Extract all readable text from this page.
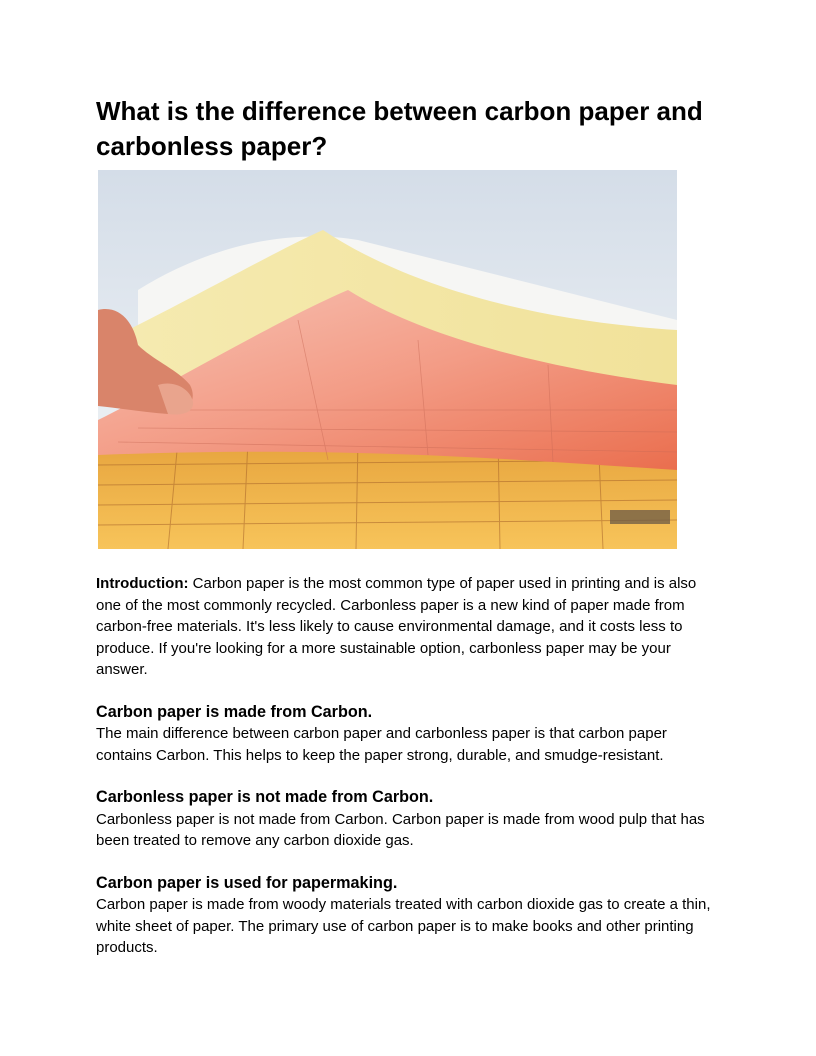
What is the difference between carbon paper and carbonless paper?

Introduction: Carbon paper is the most common type of paper used in printing and is also one of the most commonly recycled. Carbonless paper is a new kind of paper made from carbon-free materials. It's less likely to cause environmental damage, and it costs less to produce. If you're looking for a more sustainable option, carbonless paper may be your answer.

Carbon paper is made from Carbon.

The main difference between carbon paper and carbonless paper is that carbon paper contains Carbon. This helps to keep the paper strong, durable, and smudge-resistant.

Carbonless paper is not made from Carbon.

Carbonless paper is not made from Carbon. Carbon paper is made from wood pulp that has been treated to remove any carbon dioxide gas.

Carbon paper is used for papermaking.

Carbon paper is made from woody materials treated with carbon dioxide gas to create a thin, white sheet of paper. The primary use of carbon paper is to make books and other printing products.
